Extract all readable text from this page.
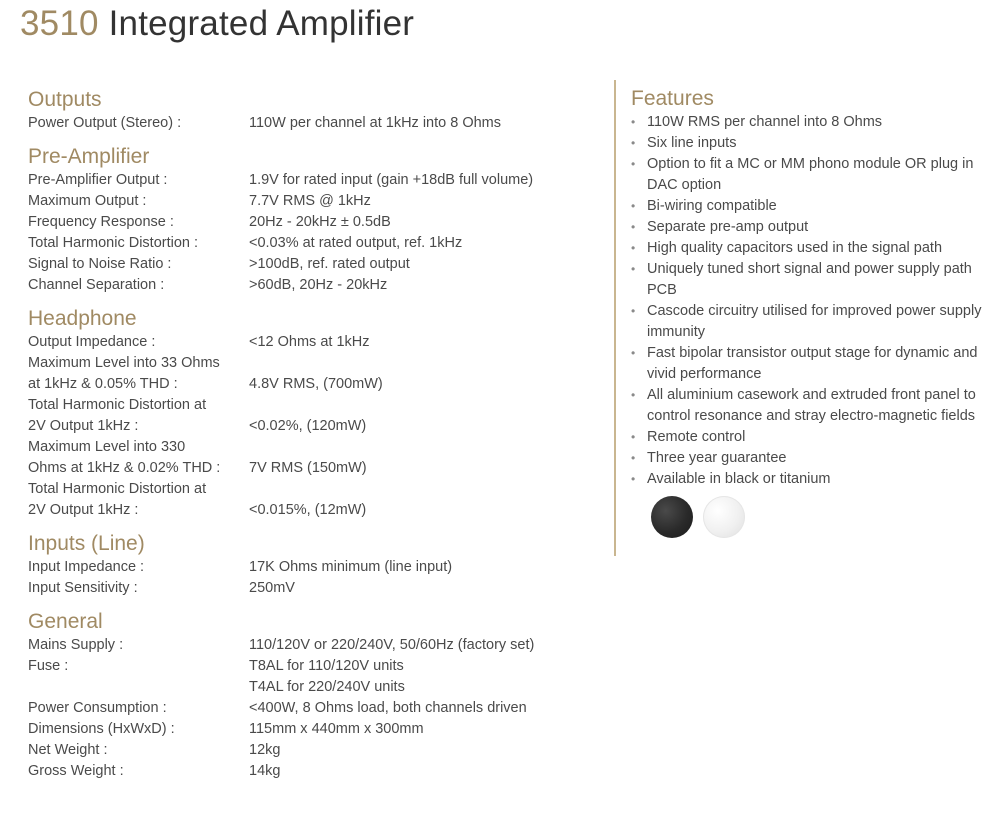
3510 Integrated Amplifier
Outputs
Power Output (Stereo) :	110W per channel at 1kHz into 8 Ohms
Pre-Amplifier
Pre-Amplifier Output :	1.9V for rated input (gain +18dB full volume)
Maximum Output :	7.7V RMS @ 1kHz
Frequency Response :	20Hz - 20kHz ± 0.5dB
Total Harmonic Distortion :	<0.03% at rated output, ref. 1kHz
Signal to Noise Ratio :	>100dB, ref. rated output
Channel Separation :	>60dB, 20Hz - 20kHz
Headphone
Output Impedance :	<12 Ohms at 1kHz
Maximum Level into 33 Ohms
at 1kHz & 0.05% THD :	4.8V RMS, (700mW)
Total Harmonic Distortion at
2V Output 1kHz :	<0.02%, (120mW)
Maximum Level into 330
Ohms at 1kHz & 0.02% THD :	7V RMS (150mW)
Total Harmonic Distortion at
2V Output 1kHz :	<0.015%, (12mW)
Inputs (Line)
Input Impedance :	17K Ohms minimum (line input)
Input Sensitivity :	250mV
General
Mains Supply :	110/120V or 220/240V, 50/60Hz (factory set)
Fuse :	T8AL for 110/120V units
T4AL for 220/240V units
Power Consumption :	<400W, 8 Ohms load, both channels driven
Dimensions (HxWxD) :	115mm x 440mm x 300mm
Net Weight :	12kg
Gross Weight :	14kg
Features
• 110W RMS per channel into 8 Ohms
• Six line inputs
• Option to fit a MC or MM phono module OR plug in DAC option
• Bi-wiring compatible
• Separate pre-amp output
• High quality capacitors used in the signal path
• Uniquely tuned short signal and power supply path PCB
• Cascode circuitry utilised for improved power supply immunity
• Fast bipolar transistor output stage for dynamic and vivid performance
• All aluminium casework and extruded front panel to control resonance and stray electro-magnetic fields
• Remote control
• Three year guarantee
• Available in black or titanium
